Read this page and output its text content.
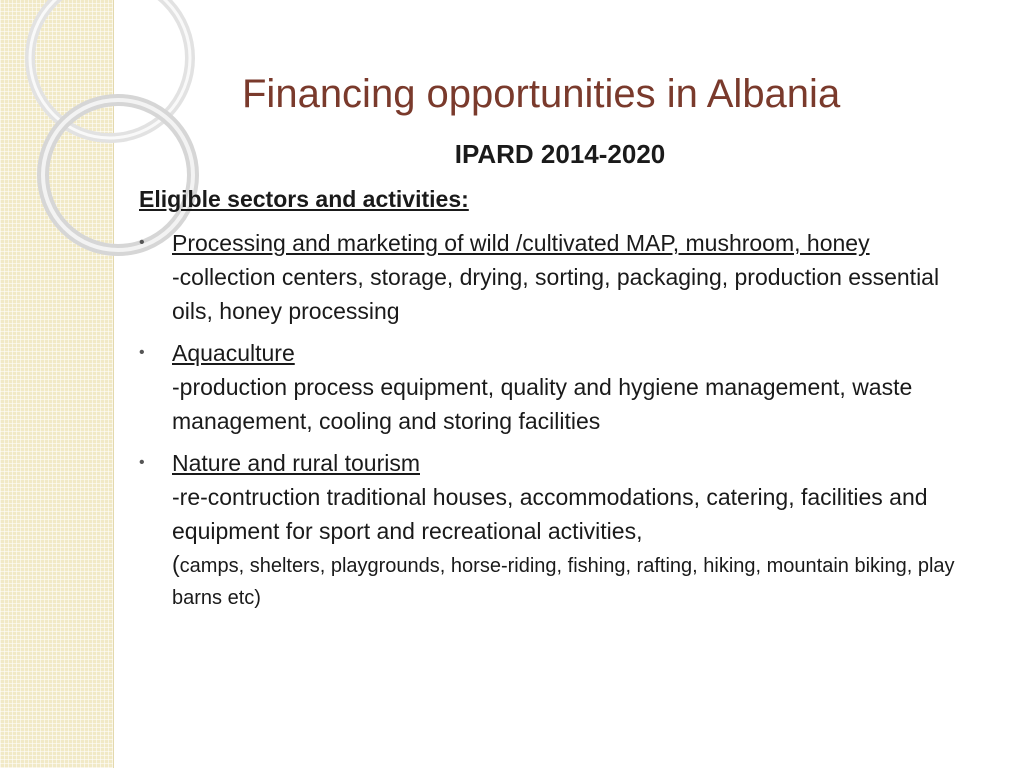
Financing opportunities in Albania
IPARD 2014-2020

Eligible sectors and activities:

• Processing and marketing of wild /cultivated MAP, mushroom, honey
-collection centers, storage, drying, sorting, packaging, production essential oils, honey processing
• Aquaculture
-production process equipment, quality and hygiene management, waste management, cooling and storing facilities
• Nature and rural tourism
-re-contruction traditional houses, accommodations, catering, facilities and equipment for sport and recreational activities,
(camps, shelters, playgrounds, horse-riding, fishing, rafting, hiking, mountain biking, play barns etc)
